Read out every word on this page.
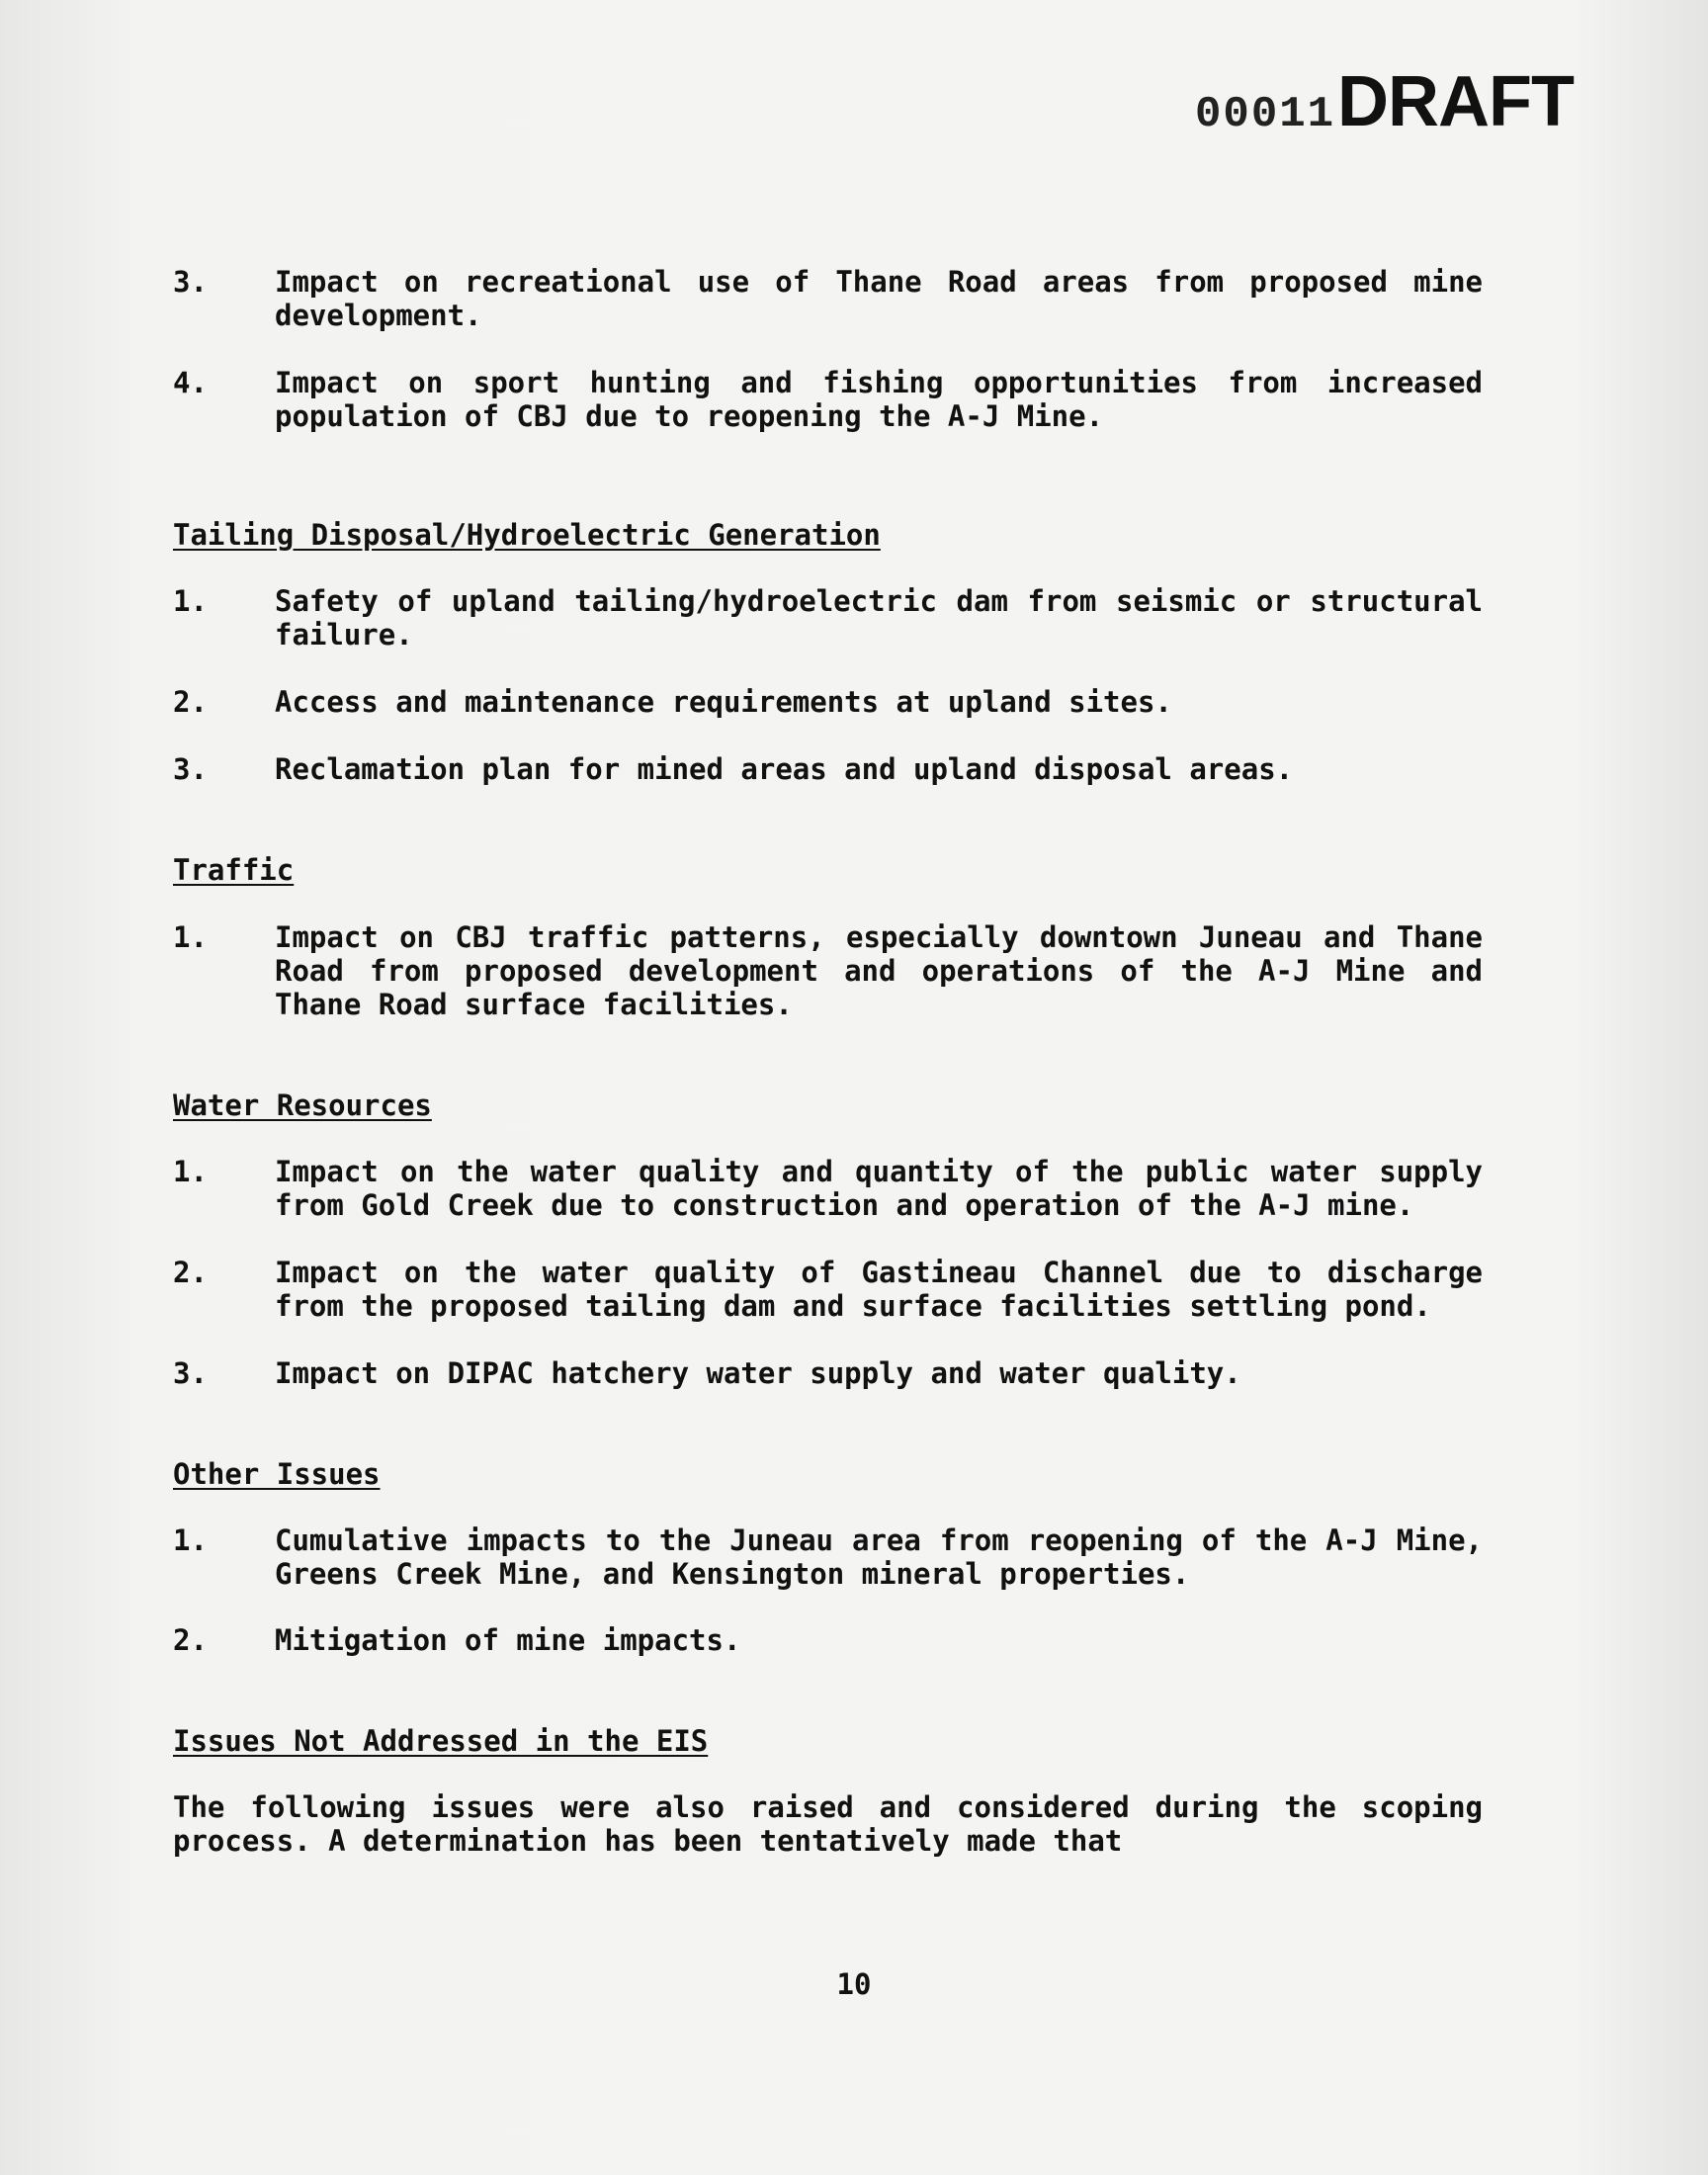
00011 DRAFT
3.	Impact on recreational use of Thane Road areas from proposed mine development.
4.	Impact on sport hunting and fishing opportunities from increased population of CBJ due to reopening the A-J Mine.
Tailing Disposal/Hydroelectric Generation
1.	Safety of upland tailing/hydroelectric dam from seismic or structural failure.
2.	Access and maintenance requirements at upland sites.
3.	Reclamation plan for mined areas and upland disposal areas.
Traffic
1.	Impact on CBJ traffic patterns, especially downtown Juneau and Thane Road from proposed development and operations of the A-J Mine and Thane Road surface facilities.
Water Resources
1.	Impact on the water quality and quantity of the public water supply from Gold Creek due to construction and operation of the A-J mine.
2.	Impact on the water quality of Gastineau Channel due to discharge from the proposed tailing dam and surface facilities settling pond.
3.	Impact on DIPAC hatchery water supply and water quality.
Other Issues
1.	Cumulative impacts to the Juneau area from reopening of the A-J Mine, Greens Creek Mine, and Kensington mineral properties.
2.	Mitigation of mine impacts.
Issues Not Addressed in the EIS

The following issues were also raised and considered during the scoping process. A determination has been tentatively made that

10
